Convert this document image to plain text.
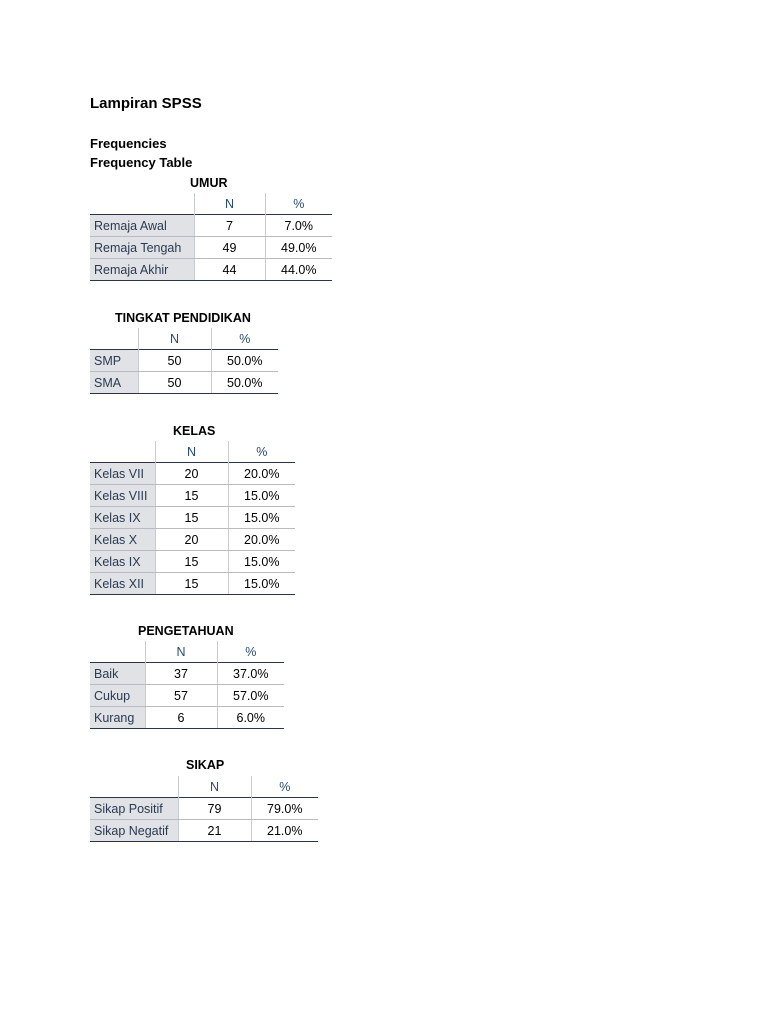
Lampiran SPSS

Frequencies

Frequency Table

UMUR
	N	%
Remaja Awal	7	7.0%
Remaja Tengah	49	49.0%
Remaja Akhir	44	44.0%
TINGKAT PENDIDIKAN
	N	%
SMP	50	50.0%
SMA	50	50.0%
KELAS
	N	%
Kelas VII	20	20.0%
Kelas VIII	15	15.0%
Kelas IX	15	15.0%
Kelas X	20	20.0%
Kelas IX	15	15.0%
Kelas XII	15	15.0%
PENGETAHUAN
	N	%
Baik	37	37.0%
Cukup	57	57.0%
Kurang	6	6.0%
SIKAP
	N	%
Sikap Positif	79	79.0%
Sikap Negatif	21	21.0%
